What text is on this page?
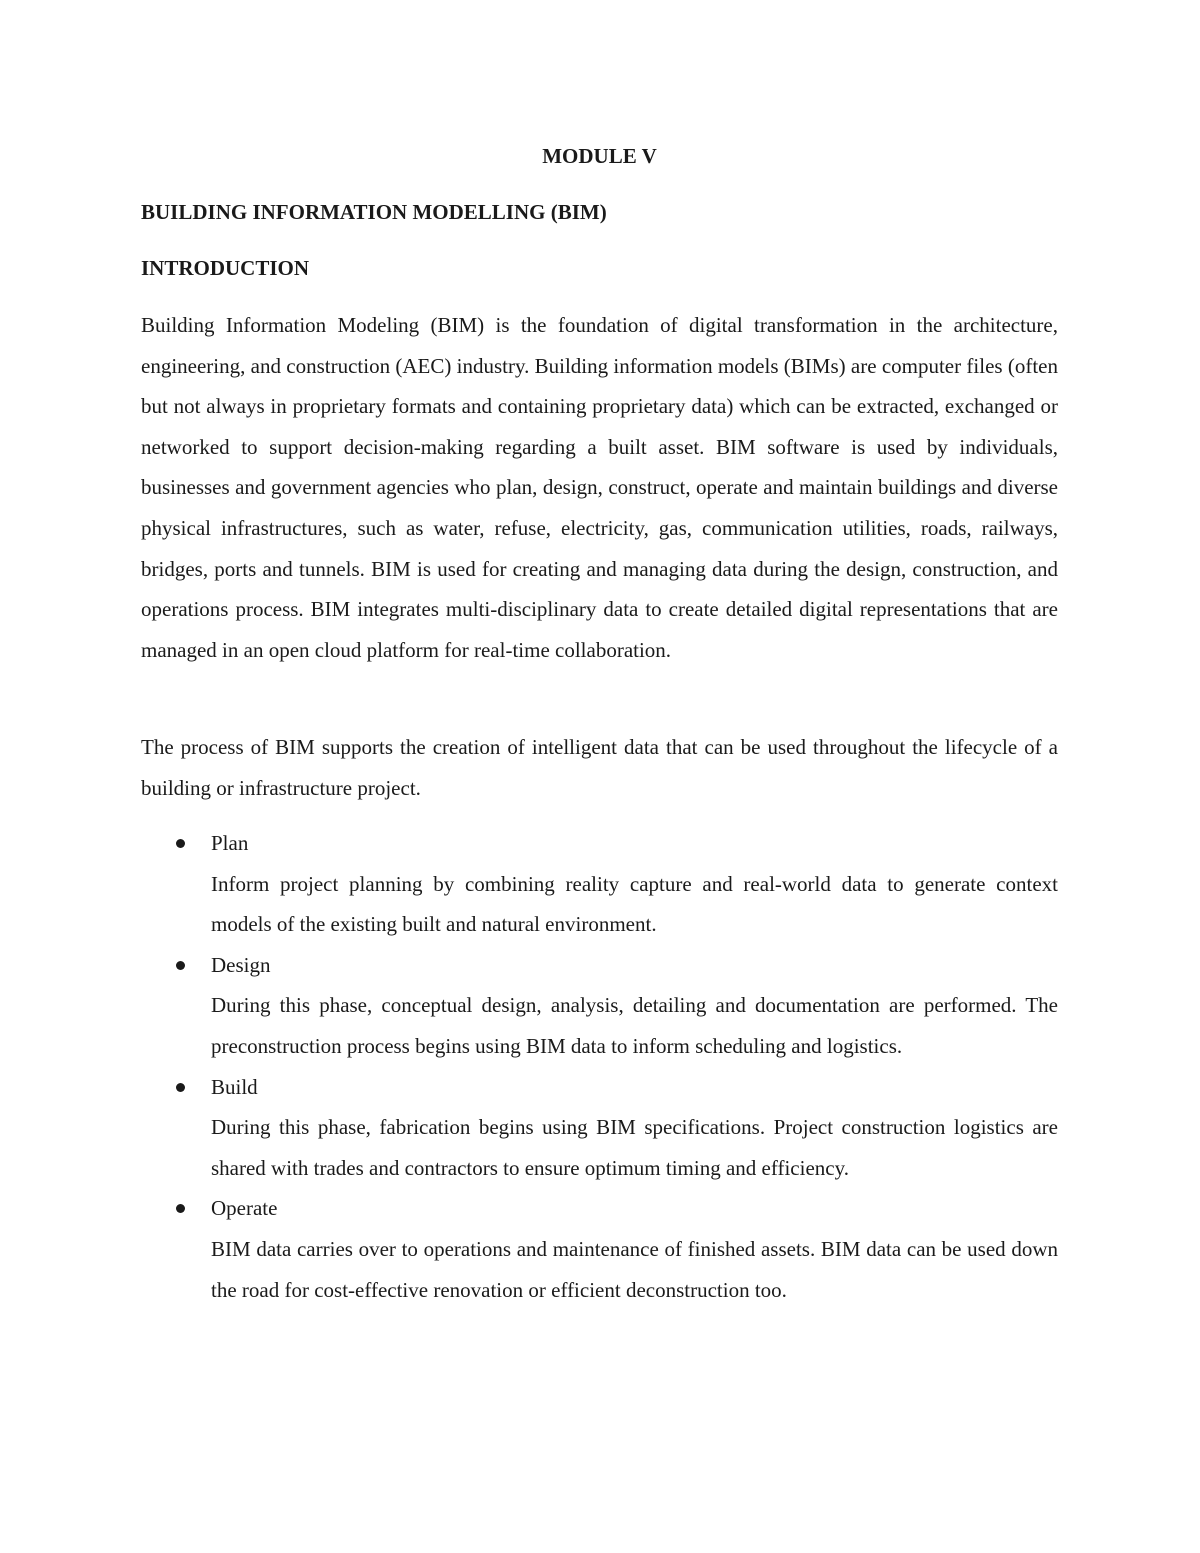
MODULE V
BUILDING INFORMATION MODELLING (BIM)
INTRODUCTION

Building Information Modeling (BIM) is the foundation of digital transformation in the architecture, engineering, and construction (AEC) industry. Building information models (BIMs) are computer files (often but not always in proprietary formats and containing proprietary data) which can be extracted, exchanged or networked to support decision-making regarding a built asset. BIM software is used by individuals, businesses and government agencies who plan, design, construct, operate and maintain buildings and diverse physical infrastructures, such as water, refuse, electricity, gas, communication utilities, roads, railways, bridges, ports and tunnels. BIM is used for creating and managing data during the design, construction, and operations process. BIM integrates multi-disciplinary data to create detailed digital representations that are managed in an open cloud platform for real-time collaboration.

The process of BIM supports the creation of intelligent data that can be used throughout the lifecycle of a building or infrastructure project.

Plan
Inform project planning by combining reality capture and real-world data to generate context models of the existing built and natural environment.
Design
During this phase, conceptual design, analysis, detailing and documentation are performed. The preconstruction process begins using BIM data to inform scheduling and logistics.
Build
During this phase, fabrication begins using BIM specifications. Project construction logistics are shared with trades and contractors to ensure optimum timing and efficiency.
Operate
BIM data carries over to operations and maintenance of finished assets. BIM data can be used down the road for cost-effective renovation or efficient deconstruction too.
